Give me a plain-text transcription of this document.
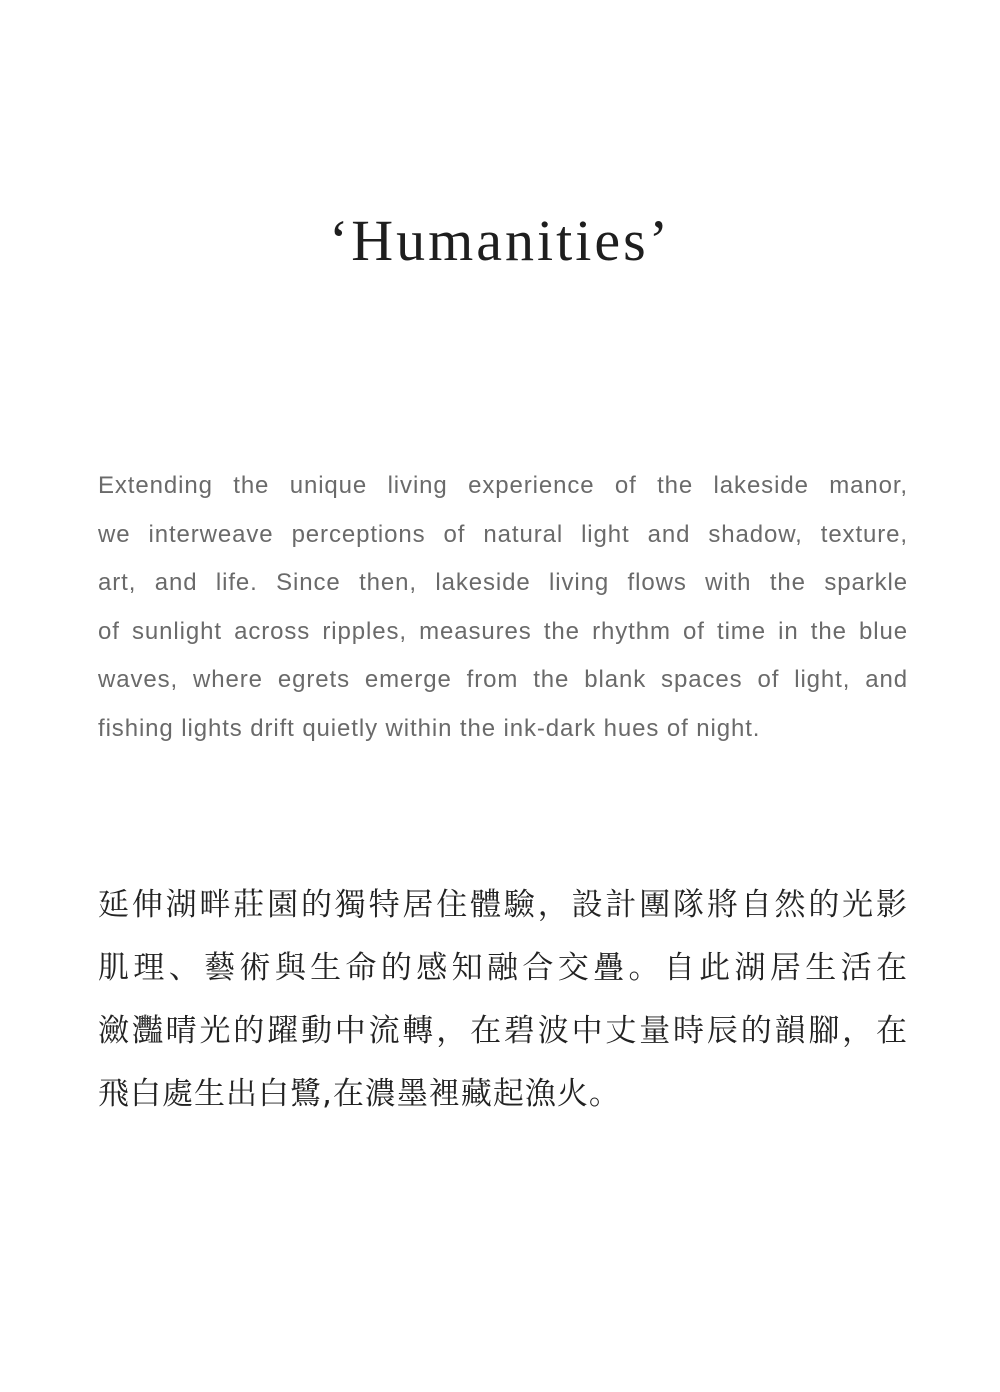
‘Humanities’
Extending the unique living experience of the lakeside manor,
we interweave perceptions of natural light and shadow, texture,
art, and life. Since then, lakeside living flows with the sparkle
of sunlight across ripples, measures the rhythm of time in the blue
waves, where egrets emerge from the blank spaces of light, and
fishing lights drift quietly within the ink-dark hues of night.
延伸湖畔莊園的獨特居住體驗，設計團隊將自然的光影
肌理、藝術與生命的感知融合交疊。自此湖居生活在
瀲灩晴光的躍動中流轉，在碧波中丈量時辰的韻腳，在
飛白處生出白鷺,在濃墨裡藏起漁火。
